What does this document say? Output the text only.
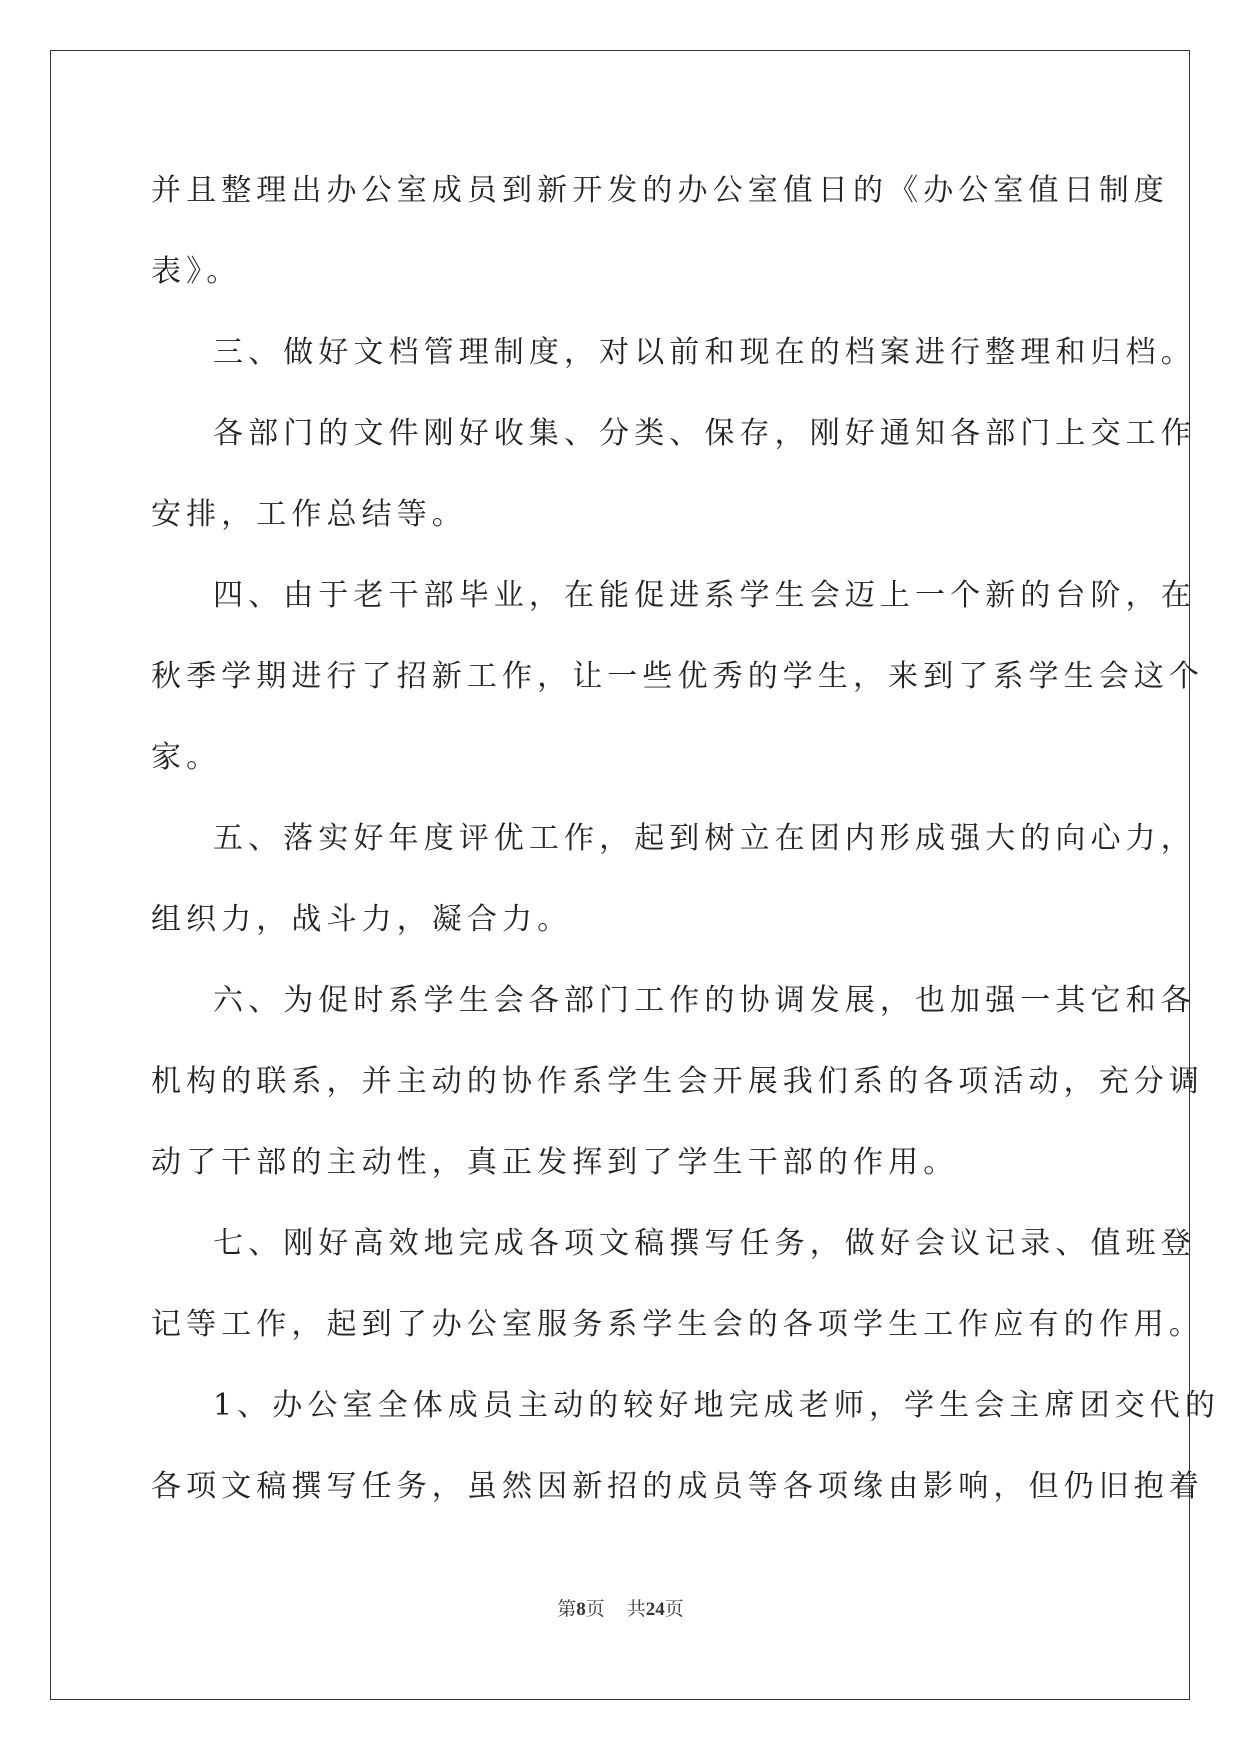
并且整理出办公室成员到新开发的办公室值日的《办公室值日制度

表》。

三、做好文档管理制度，对以前和现在的档案进行整理和归档。

各部门的文件刚好收集、分类、保存，刚好通知各部门上交工作

安排，工作总结等。

四、由于老干部毕业，在能促进系学生会迈上一个新的台阶，在

秋季学期进行了招新工作，让一些优秀的学生，来到了系学生会这个

家。

五、落实好年度评优工作，起到树立在团内形成强大的向心力，

组织力，战斗力，凝合力。

六、为促时系学生会各部门工作的协调发展，也加强一其它和各

机构的联系，并主动的协作系学生会开展我们系的各项活动，充分调

动了干部的主动性，真正发挥到了学生干部的作用。

七、刚好高效地完成各项文稿撰写任务，做好会议记录、值班登

记等工作，起到了办公室服务系学生会的各项学生工作应有的作用。

1、办公室全体成员主动的较好地完成老师，学生会主席团交代的

各项文稿撰写任务，虽然因新招的成员等各项缘由影响，但仍旧抱着

第8页 共24页
